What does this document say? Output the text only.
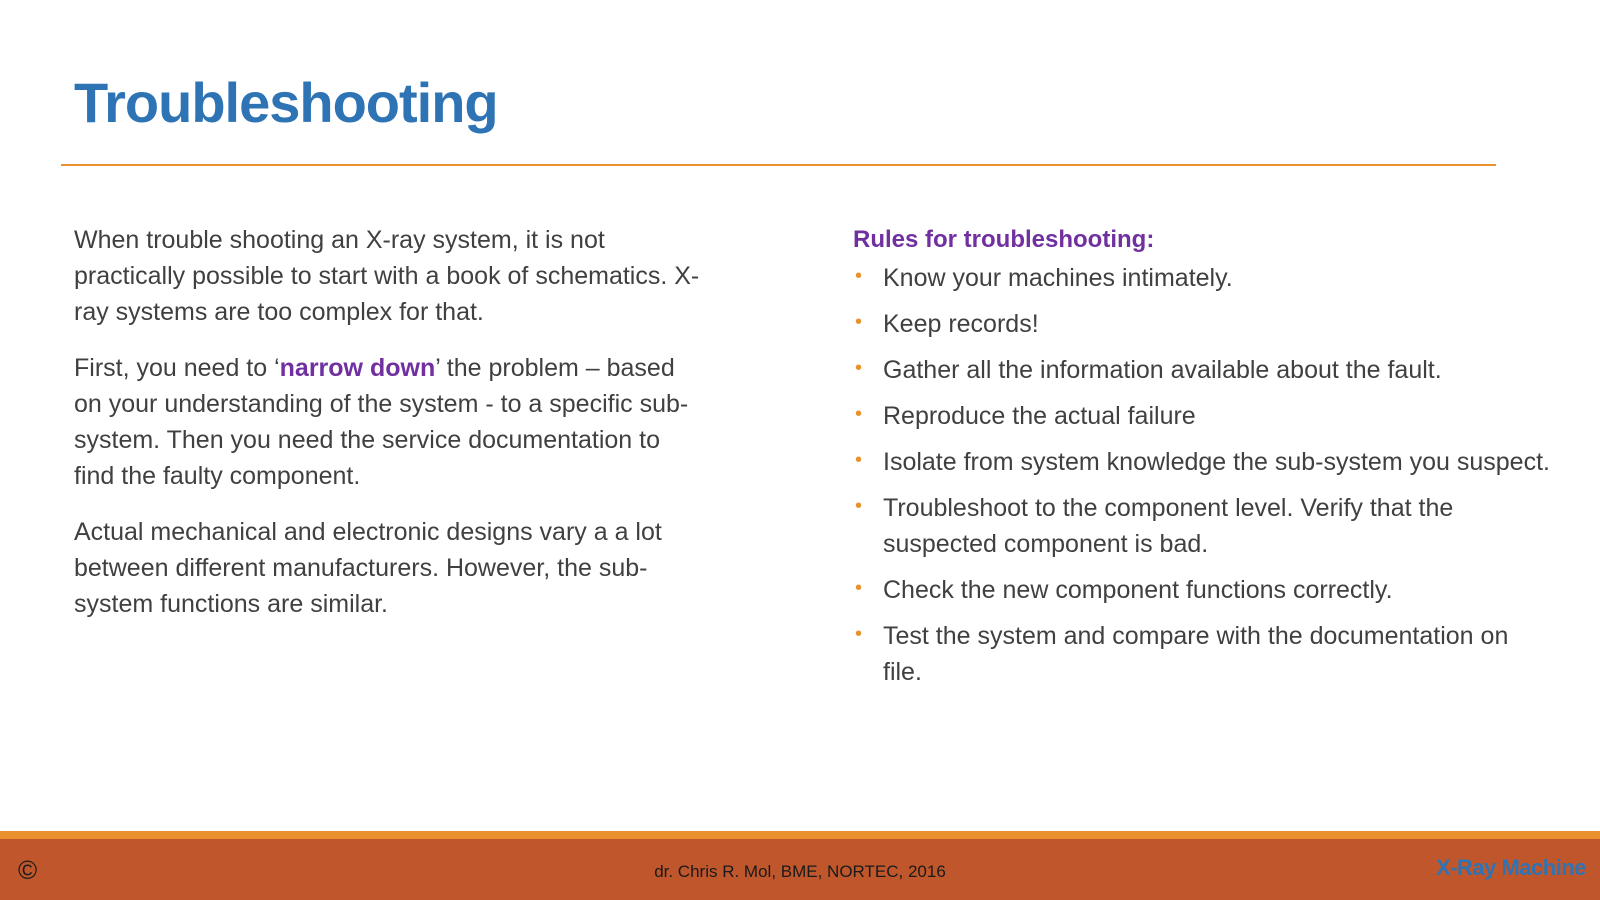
Troubleshooting

When trouble shooting an X-ray system, it is not practically possible to start with a book of schematics. X-ray systems are too complex for that.

First, you need to ‘narrow down’ the problem – based on your understanding of the system - to a specific sub-system. Then you need the service documentation to find the faulty component.

Actual mechanical and electronic designs vary a a lot between different manufacturers. However, the sub-system functions are similar.

Rules for troubleshooting:

• Know your machines intimately.
• Keep records!
• Gather all the information available about the fault.
• Reproduce the actual failure
• Isolate from system knowledge the sub-system you suspect.
• Troubleshoot to the component level. Verify that the suspected component is bad.
• Check the new component functions correctly.
• Test the system and compare with the documentation on file.
©	dr. Chris R. Mol, BME, NORTEC, 2016	X-Ray Machine
